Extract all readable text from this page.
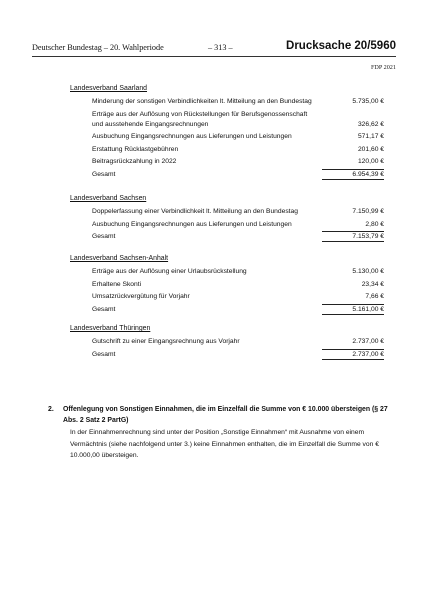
Deutscher Bundestag – 20. Wahlperiode	– 313 –	Drucksache 20/5960
FDP 2021
Landesverband Saarland
Minderung der sonstigen Verbindlichkeiten lt. Mitteilung an den Bundestag	5.735,00 €
Erträge aus der Auflösung von Rückstellungen für Berufsgenossenschaft und ausstehende Eingangsrechnungen	326,62 €
Ausbuchung Eingangsrechnungen aus Lieferungen und Leistungen	571,17 €
Erstattung Rücklastgebühren	201,60 €
Beitragsrückzahlung in 2022	120,00 €
Gesamt	6.954,39 €
Landesverband Sachsen
Doppelerfassung einer Verbindlichkeit lt. Mitteilung an den Bundestag	7.150,99 €
Ausbuchung Eingangsrechnungen aus Lieferungen und Leistungen	2,80 €
Gesamt	7.153,79 €
Landesverband Sachsen-Anhalt
Erträge aus der Auflösung einer Urlaubsrückstellung	5.130,00 €
Erhaltene Skonti	23,34 €
Umsatzrückvergütung für Vorjahr	7,66 €
Gesamt	5.161,00 €
Landesverband Thüringen
Gutschrift zu einer Eingangsrechnung aus Vorjahr	2.737,00 €
Gesamt	2.737,00 €
2.	Offenlegung von Sonstigen Einnahmen, die im Einzelfall die Summe von € 10.000 übersteigen (§ 27 Abs. 2 Satz 2 PartG)
In der Einnahmenrechnung sind unter der Position „Sonstige Einnahmen“ mit Ausnahme von einem Vermächtnis (siehe nachfolgend unter 3.) keine Einnahmen enthalten, die im Einzelfall die Summe von € 10.000,00 übersteigen.
